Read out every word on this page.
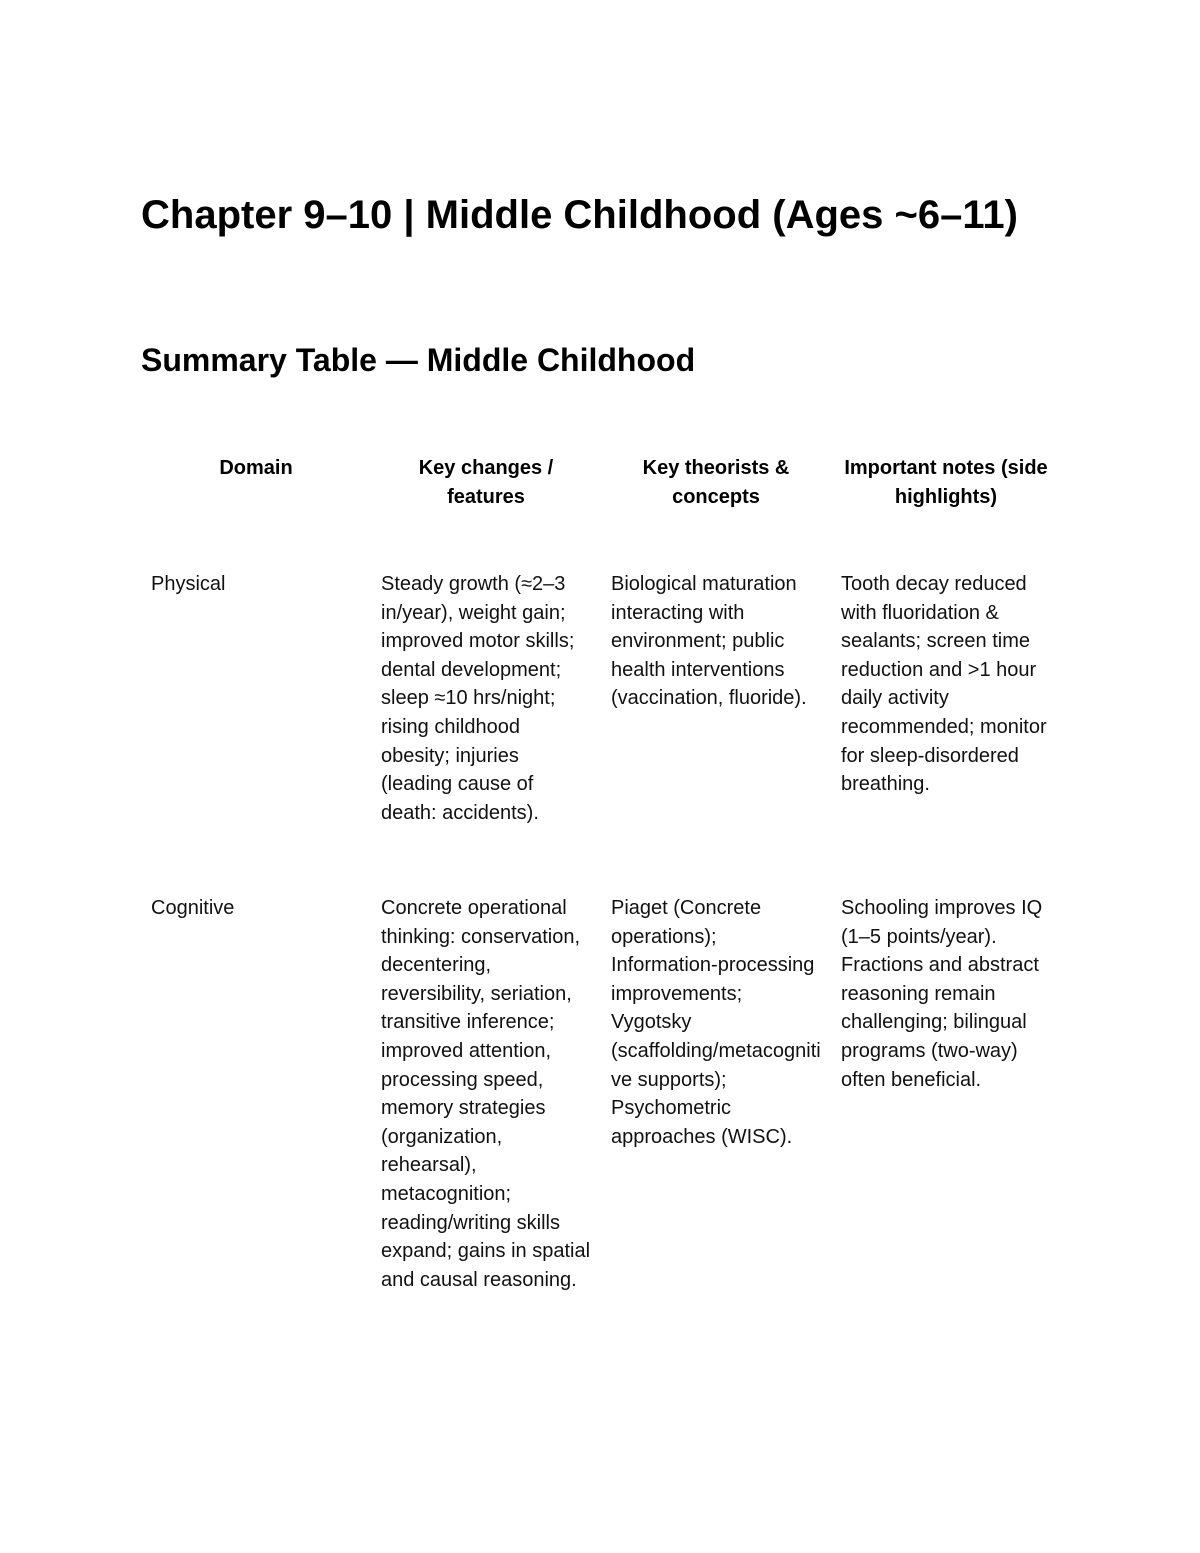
Chapter 9–10 | Middle Childhood (Ages ~6–11)
Summary Table — Middle Childhood
Domain	Key changes / features	Key theorists & concepts	Important notes (side highlights)
Physical	Steady growth (≈2–3 in/year), weight gain; improved motor skills; dental development; sleep ≈10 hrs/night; rising childhood obesity; injuries (leading cause of death: accidents).	Biological maturation interacting with environment; public health interventions (vaccination, fluoride).	Tooth decay reduced with fluoridation & sealants; screen time reduction and >1 hour daily activity recommended; monitor for sleep-disordered breathing.
Cognitive	Concrete operational thinking: conservation, decentering, reversibility, seriation, transitive inference; improved attention, processing speed, memory strategies (organization, rehearsal), metacognition; reading/writing skills expand; gains in spatial and causal reasoning.	Piaget (Concrete operations); Information-processing improvements; Vygotsky (scaffolding/metacognitive supports); Psychometric approaches (WISC).	Schooling improves IQ (1–5 points/year). Fractions and abstract reasoning remain challenging; bilingual programs (two-way) often beneficial.
